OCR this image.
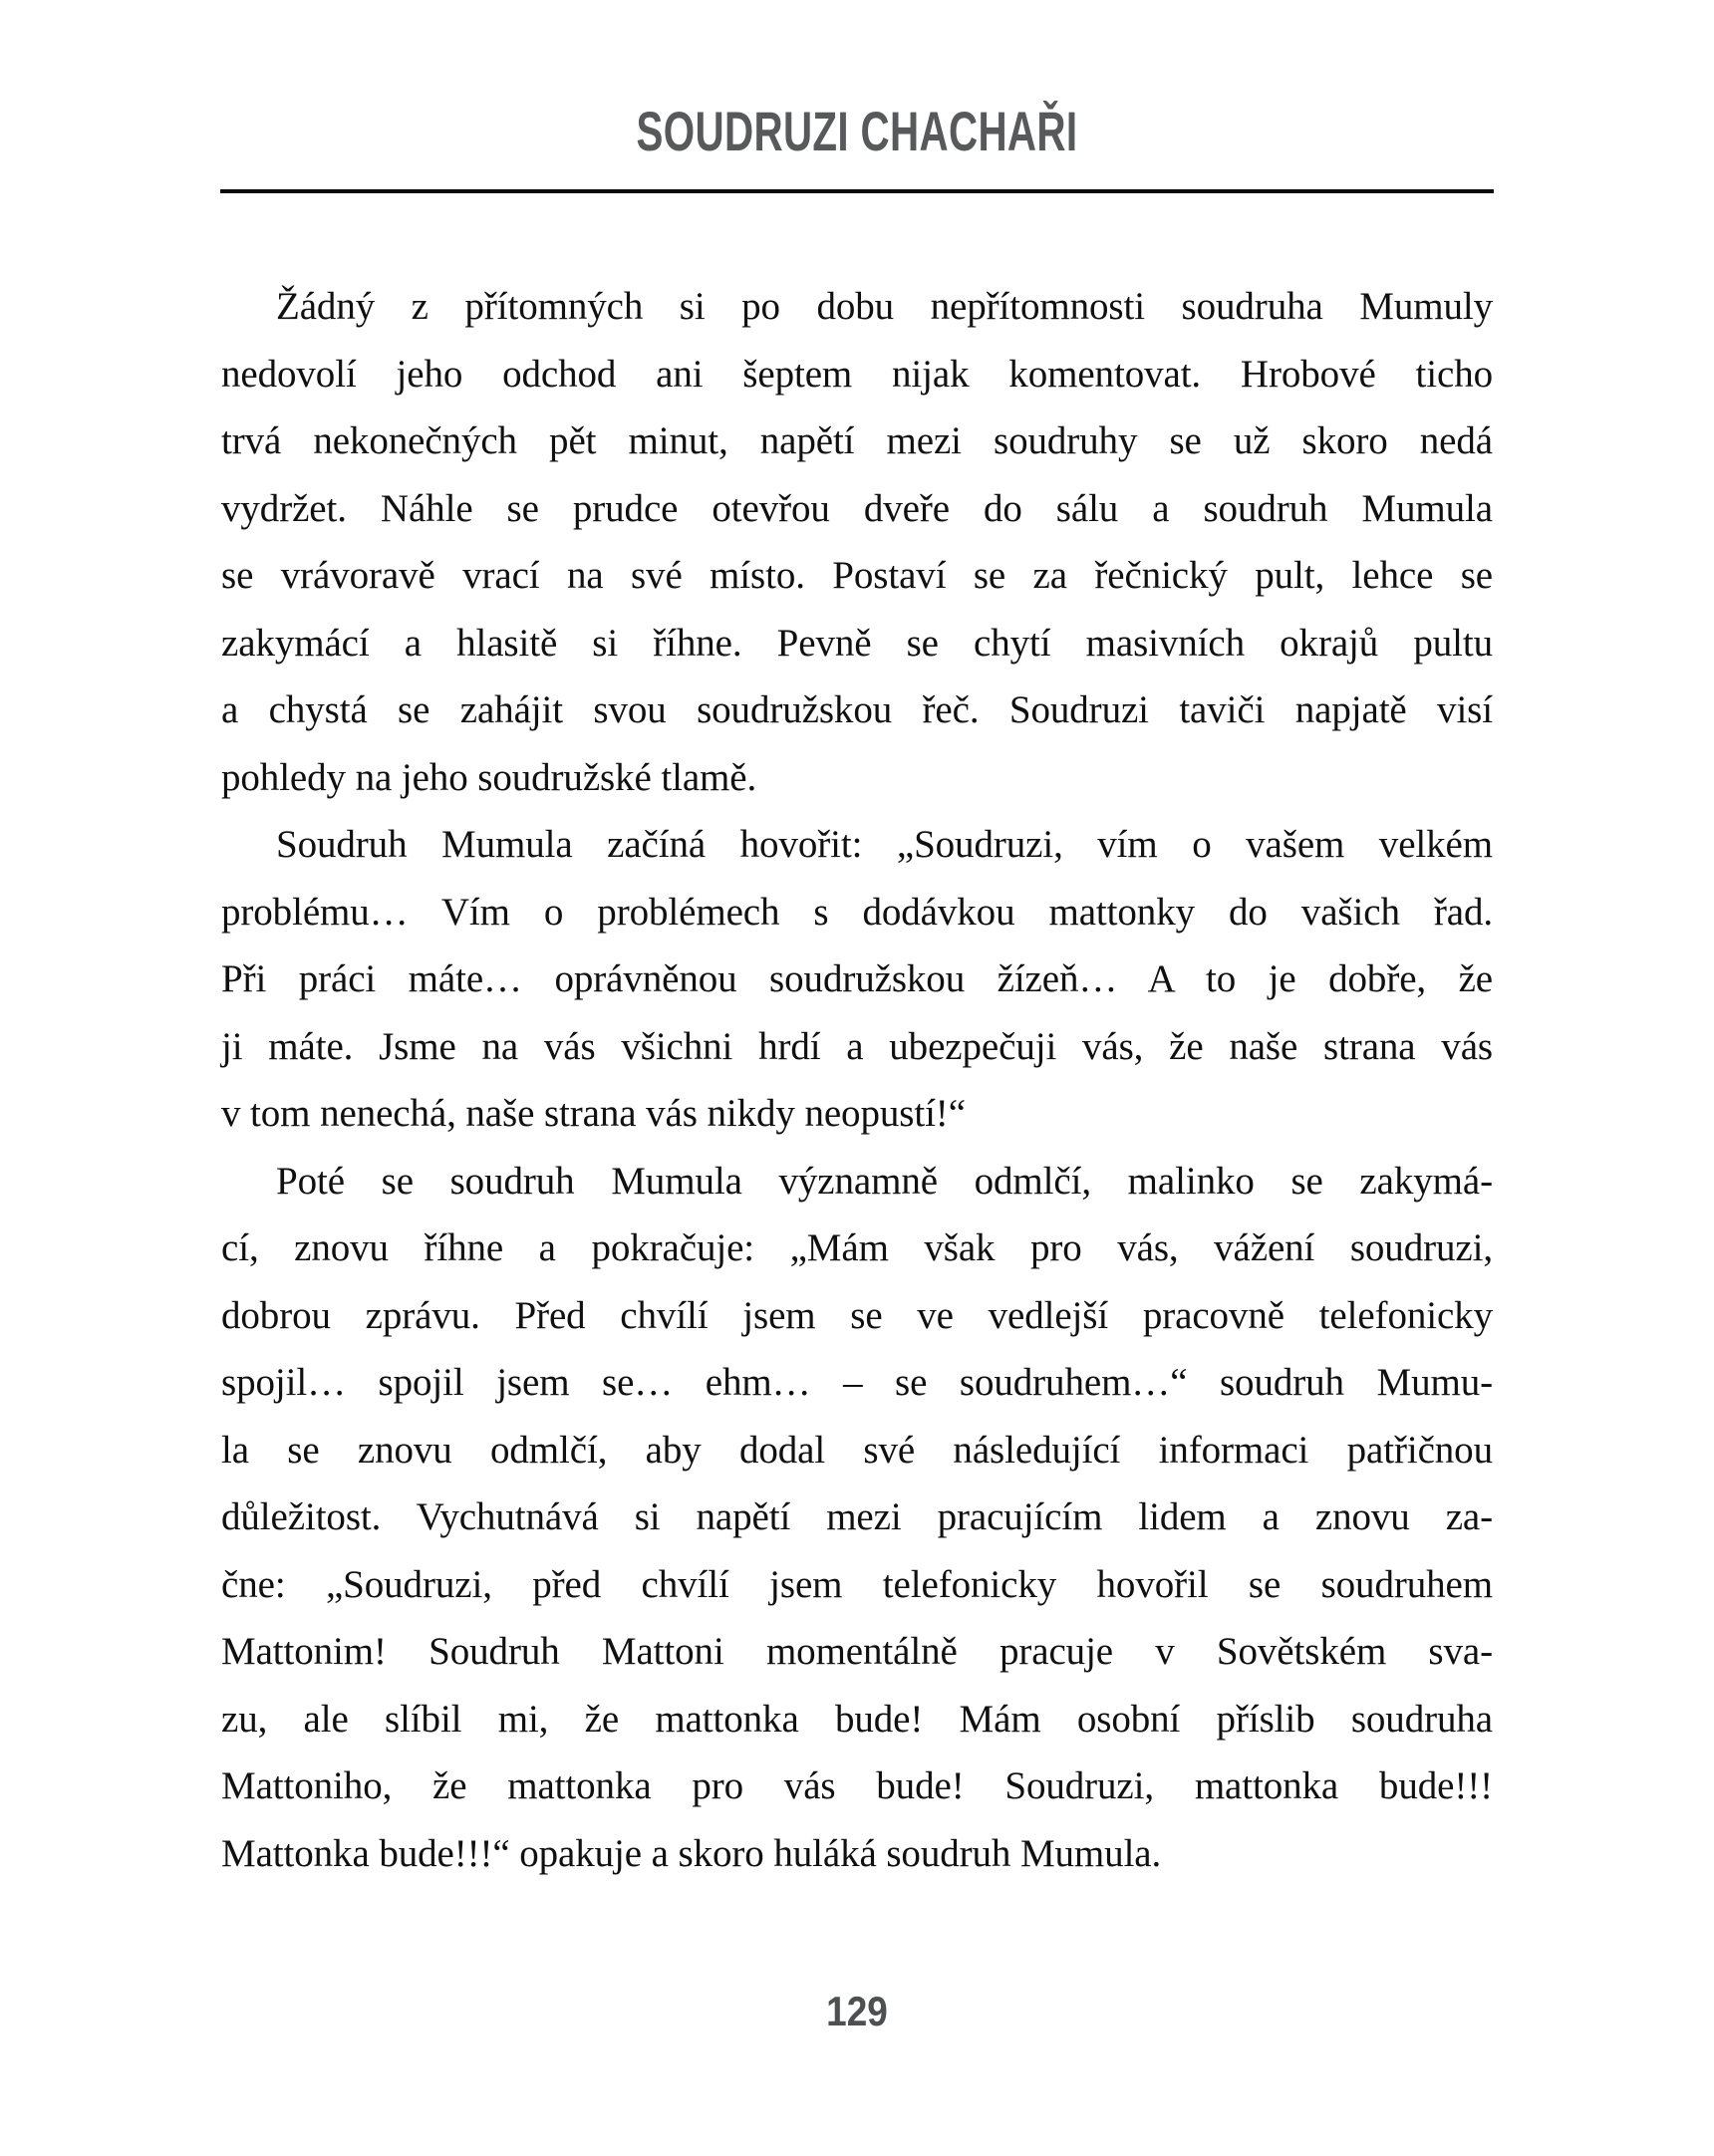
SOUDRUZI CHACHAŘI

Žádný z přítomných si po dobu nepřítomnosti soudruha Mumuly
nedovolí jeho odchod ani šeptem nijak komentovat. Hrobové ticho
trvá nekonečných pět minut, napětí mezi soudruhy se už skoro nedá
vydržet. Náhle se prudce otevřou dveře do sálu a soudruh Mumula
se vrávoravě vrací na své místo. Postaví se za řečnický pult, lehce se
zakymácí a hlasitě si říhne. Pevně se chytí masivních okrajů pultu
a chystá se zahájit svou soudružskou řeč. Soudruzi taviči napjatě visí
pohledy na jeho soudružské tlamě.

Soudruh Mumula začíná hovořit: „Soudruzi, vím o vašem velkém
problému… Vím o problémech s dodávkou mattonky do vašich řad.
Při práci máte… oprávněnou soudružskou žízeň… A to je dobře, že
ji máte. Jsme na vás všichni hrdí a ubezpečuji vás, že naše strana vás
v tom nenechá, naše strana vás nikdy neopustí!“

Poté se soudruh Mumula významně odmlčí, malinko se zakymá-
cí, znovu říhne a pokračuje: „Mám však pro vás, vážení soudruzi,
dobrou zprávu. Před chvílí jsem se ve vedlejší pracovně telefonicky
spojil… spojil jsem se… ehm… – se soudruhem…“ soudruh Mumu-
la se znovu odmlčí, aby dodal své následující informaci patřičnou
důležitost. Vychutnává si napětí mezi pracujícím lidem a znovu za-
čne: „Soudruzi, před chvílí jsem telefonicky hovořil se soudruhem
Mattonim! Soudruh Mattoni momentálně pracuje v Sovětském sva-
zu, ale slíbil mi, že mattonka bude! Mám osobní příslib soudruha
Mattoniho, že mattonka pro vás bude! Soudruzi, mattonka bude!!!
Mattonka bude!!!“ opakuje a skoro huláká soudruh Mumula.

129
